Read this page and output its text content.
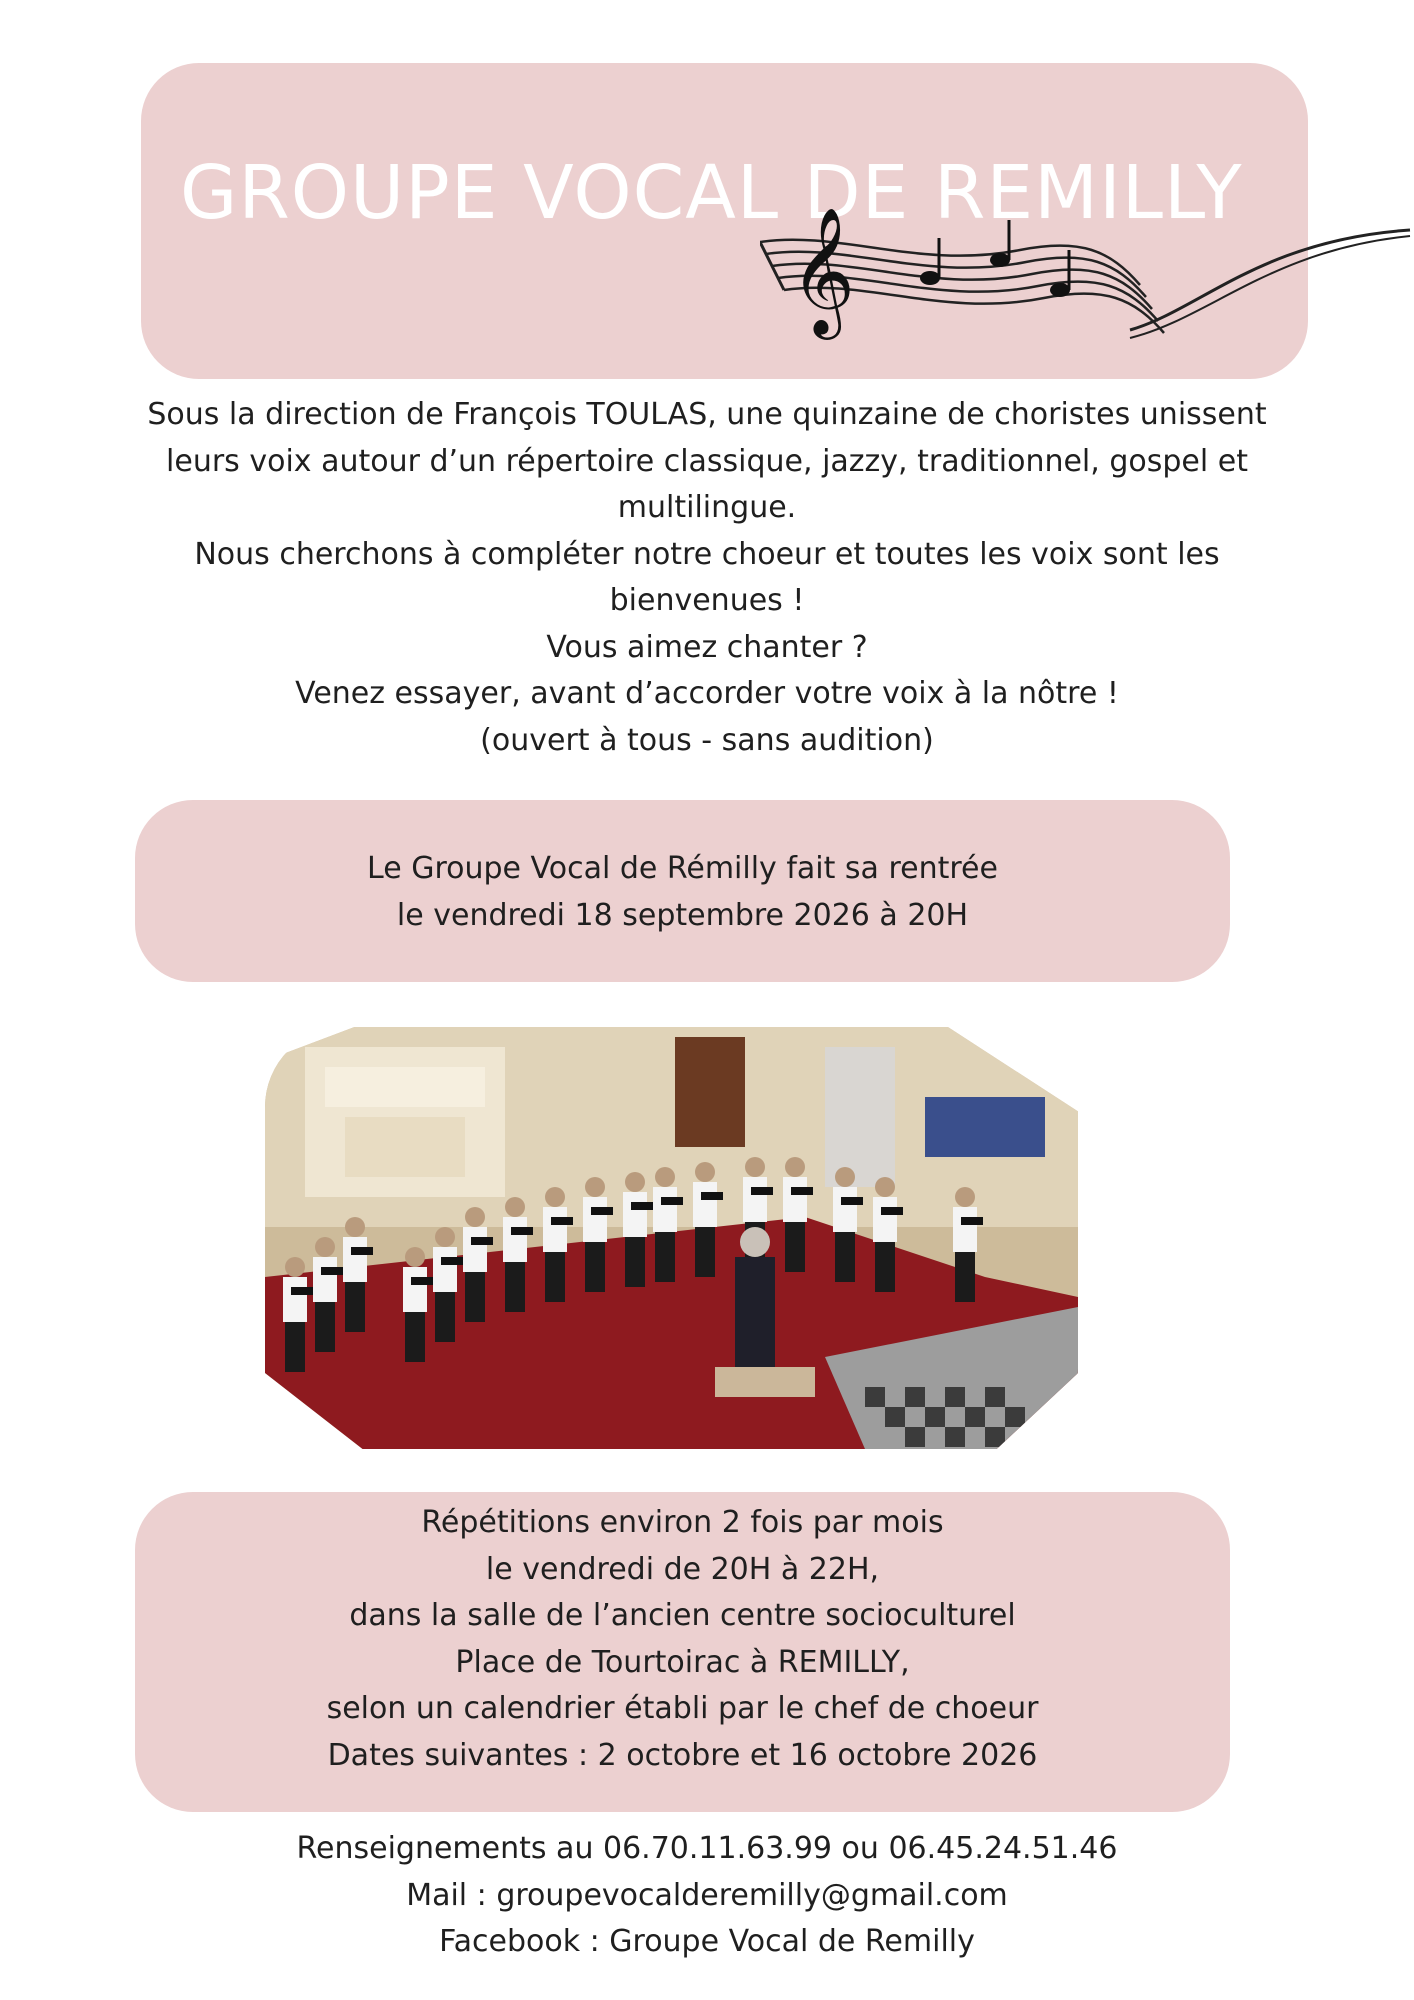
GROUPE VOCAL DE REMILLY
𝄞

Sous la direction de François TOULAS, une quinzaine de choristes unissent

leurs voix autour d’un répertoire classique, jazzy, traditionnel, gospel et

multilingue.

Nous cherchons à compléter notre choeur et toutes les voix sont les

bienvenues !

Vous aimez chanter ?

Venez essayer, avant d’accorder votre voix à la nôtre !

(ouvert à tous - sans audition)

Le Groupe Vocal de Rémilly fait sa rentrée

le vendredi 18 septembre 2026 à 20H

Répétitions environ 2 fois par mois

le vendredi de 20H à 22H,

dans la salle de l’ancien centre socioculturel

Place de Tourtoirac à REMILLY,

selon un calendrier établi par le chef de choeur

Dates suivantes : 2 octobre et 16 octobre 2026

Renseignements au 06.70.11.63.99 ou 06.45.24.51.46

Mail : groupevocalderemilly@gmail.com

Facebook : Groupe Vocal de Remilly
